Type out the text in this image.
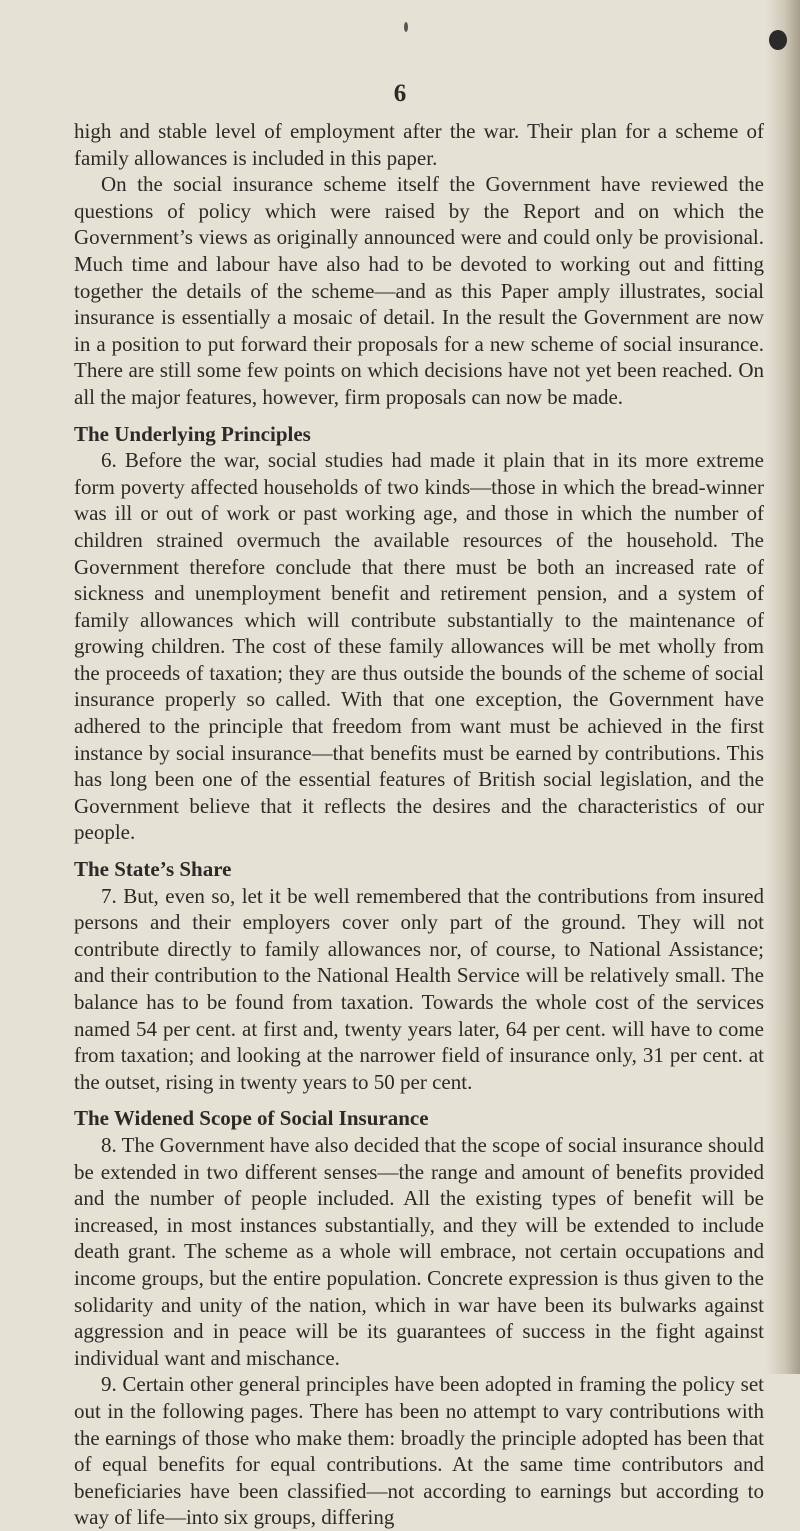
6

high and stable level of employment after the war. Their plan for a scheme of family allowances is included in this paper.

On the social insurance scheme itself the Government have reviewed the questions of policy which were raised by the Report and on which the Government’s views as originally announced were and could only be provisional. Much time and labour have also had to be devoted to working out and fitting together the details of the scheme—and as this Paper amply illustrates, social insurance is essentially a mosaic of detail. In the result the Government are now in a position to put forward their proposals for a new scheme of social insurance. There are still some few points on which decisions have not yet been reached. On all the major features, however, firm proposals can now be made.

The Underlying Principles

6. Before the war, social studies had made it plain that in its more extreme form poverty affected households of two kinds—those in which the bread-winner was ill or out of work or past working age, and those in which the number of children strained overmuch the available resources of the household. The Government therefore conclude that there must be both an increased rate of sickness and unemployment benefit and retirement pension, and a system of family allowances which will contribute substantially to the maintenance of growing children. The cost of these family allowances will be met wholly from the proceeds of taxation; they are thus outside the bounds of the scheme of social insurance properly so called. With that one exception, the Government have adhered to the principle that freedom from want must be achieved in the first instance by social insurance—that benefits must be earned by contributions. This has long been one of the essential features of British social legislation, and the Government believe that it reflects the desires and the characteristics of our people.

The State’s Share

7. But, even so, let it be well remembered that the contributions from insured persons and their employers cover only part of the ground. They will not contribute directly to family allowances nor, of course, to National Assistance; and their contribution to the National Health Service will be relatively small. The balance has to be found from taxation. Towards the whole cost of the services named 54 per cent. at first and, twenty years later, 64 per cent. will have to come from taxation; and looking at the narrower field of insurance only, 31 per cent. at the outset, rising in twenty years to 50 per cent.

The Widened Scope of Social Insurance

8. The Government have also decided that the scope of social insurance should be extended in two different senses—the range and amount of benefits provided and the number of people included. All the existing types of benefit will be increased, in most instances substantially, and they will be extended to include death grant. The scheme as a whole will embrace, not certain occupations and income groups, but the entire population. Concrete expression is thus given to the solidarity and unity of the nation, which in war have been its bulwarks against aggression and in peace will be its guarantees of success in the fight against individual want and mischance.

9. Certain other general principles have been adopted in framing the policy set out in the following pages. There has been no attempt to vary contributions with the earnings of those who make them: broadly the principle adopted has been that of equal benefits for equal contributions. At the same time contributors and beneficiaries have been classified—not according to earnings but according to way of life—into six groups, differing
